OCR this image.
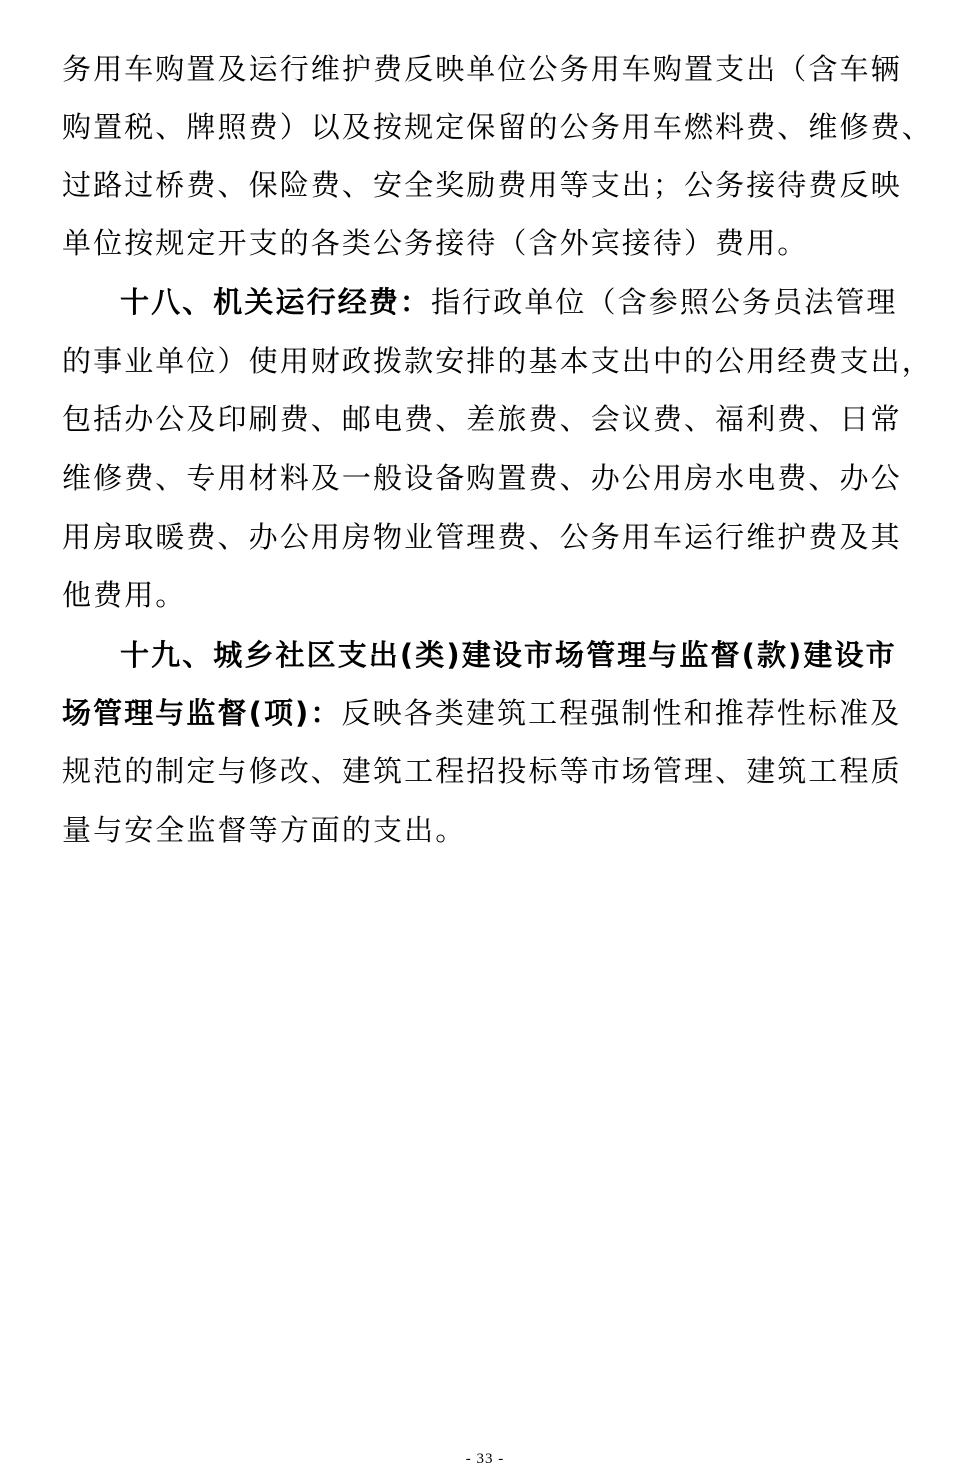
务用车购置及运行维护费反映单位公务用车购置支出（含车辆
购置税、牌照费）以及按规定保留的公务用车燃料费、维修费、
过路过桥费、保险费、安全奖励费用等支出；公务接待费反映
单位按规定开支的各类公务接待（含外宾接待）费用。
十八、机关运行经费：指行政单位（含参照公务员法管理
的事业单位）使用财政拨款安排的基本支出中的公用经费支出，
包括办公及印刷费、邮电费、差旅费、会议费、福利费、日常
维修费、专用材料及一般设备购置费、办公用房水电费、办公
用房取暖费、办公用房物业管理费、公务用车运行维护费及其
他费用。
十九、城乡社区支出(类)建设市场管理与监督(款)建设市
场管理与监督(项)：反映各类建筑工程强制性和推荐性标准及
规范的制定与修改、建筑工程招投标等市场管理、建筑工程质
量与安全监督等方面的支出。
- 33 -
